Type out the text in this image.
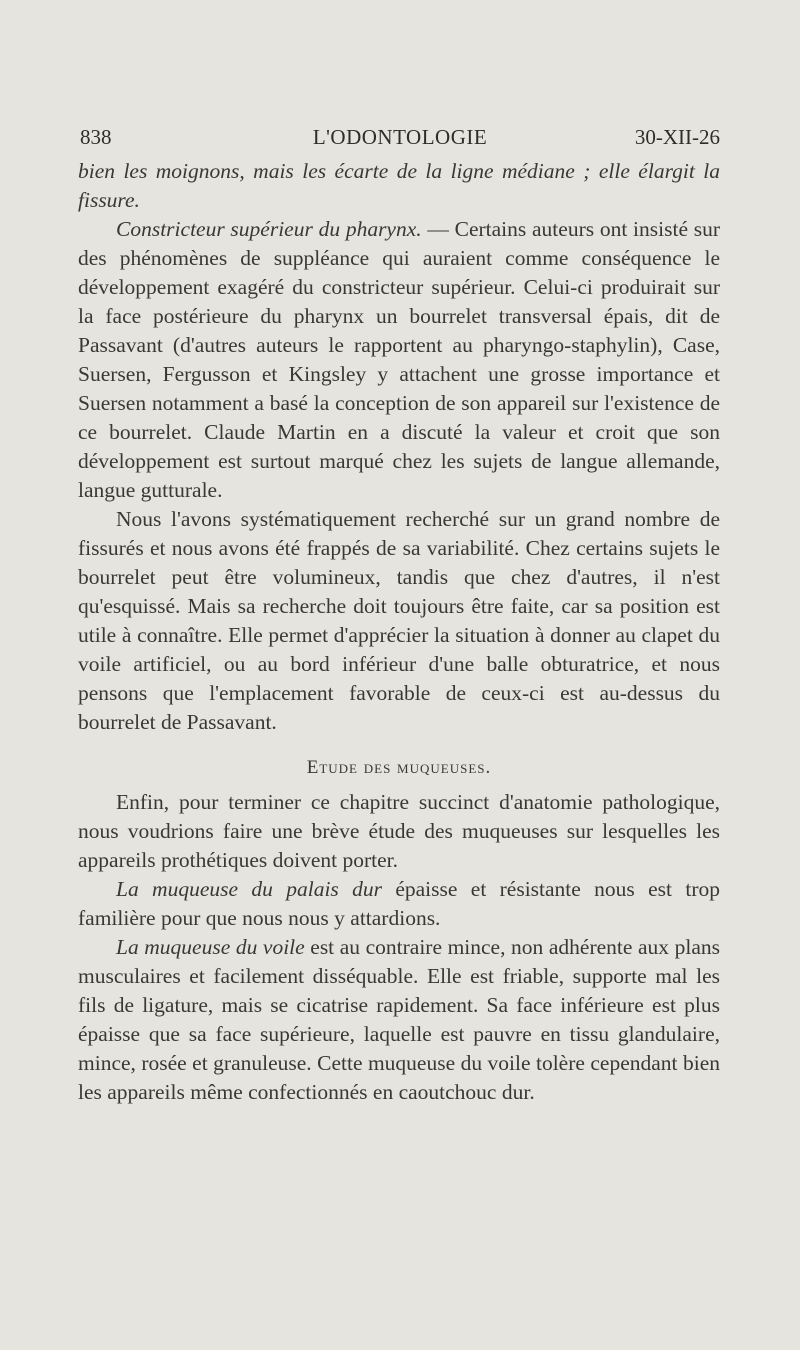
838	L'ODONTOLOGIE	30-XII-26

bien les moignons, mais les écarte de la ligne médiane ; elle élargit la fissure.

Constricteur supérieur du pharynx. — Certains auteurs ont insisté sur des phénomènes de suppléance qui auraient comme conséquence le développement exagéré du constricteur supérieur. Celui-ci produirait sur la face postérieure du pharynx un bourrelet transversal épais, dit de Passavant (d'autres auteurs le rapportent au pharyngo-staphylin), Case, Suersen, Fergusson et Kingsley y attachent une grosse importance et Suersen notamment a basé la conception de son appareil sur l'existence de ce bourrelet. Claude Martin en a discuté la valeur et croit que son développement est surtout marqué chez les sujets de langue allemande, langue gutturale.

Nous l'avons systématiquement recherché sur un grand nombre de fissurés et nous avons été frappés de sa variabilité. Chez certains sujets le bourrelet peut être volumineux, tandis que chez d'autres, il n'est qu'esquissé. Mais sa recherche doit toujours être faite, car sa position est utile à connaître. Elle permet d'apprécier la situation à donner au clapet du voile artificiel, ou au bord inférieur d'une balle obturatrice, et nous pensons que l'emplacement favorable de ceux-ci est au-dessus du bourrelet de Passavant.

Etude des muqueuses.

Enfin, pour terminer ce chapitre succinct d'anatomie pathologique, nous voudrions faire une brève étude des muqueuses sur lesquelles les appareils prothétiques doivent porter.

La muqueuse du palais dur épaisse et résistante nous est trop familière pour que nous nous y attardions.

La muqueuse du voile est au contraire mince, non adhérente aux plans musculaires et facilement disséquable. Elle est friable, supporte mal les fils de ligature, mais se cicatrise rapidement. Sa face inférieure est plus épaisse que sa face supérieure, laquelle est pauvre en tissu glandulaire, mince, rosée et granuleuse. Cette muqueuse du voile tolère cependant bien les appareils même confectionnés en caoutchouc dur.
